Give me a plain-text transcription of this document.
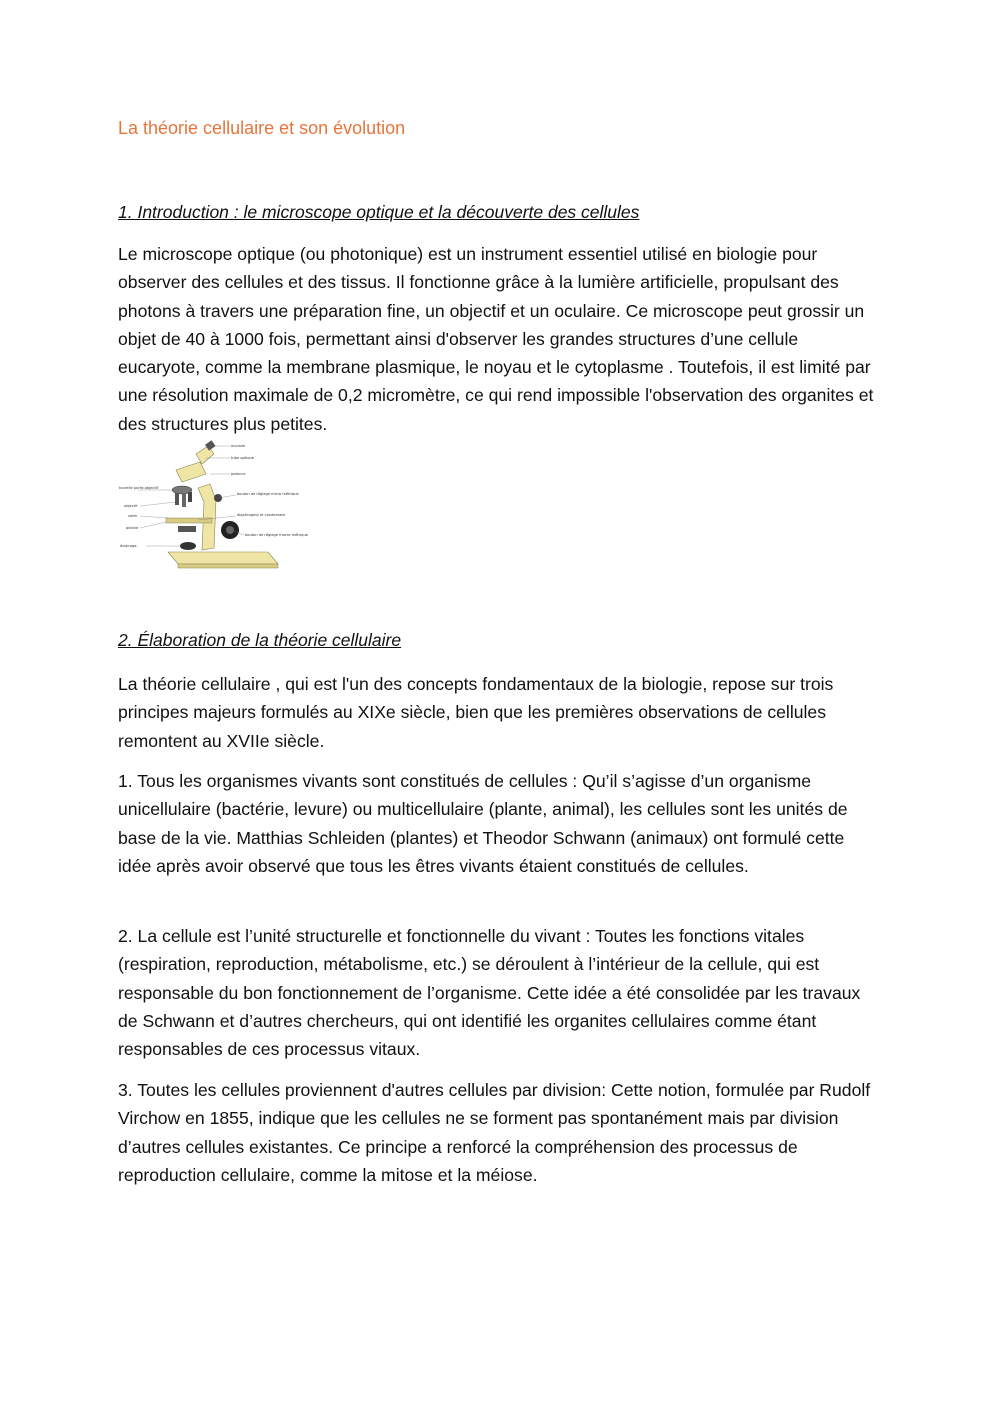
La théorie cellulaire et son évolution
1. Introduction : le microscope optique et la découverte des cellules

Le microscope optique (ou photonique) est un instrument essentiel utilisé en biologie pour observer des cellules et des tissus. Il fonctionne grâce à la lumière artificielle, propulsant des photons à travers une préparation fine, un objectif et un oculaire. Ce microscope peut grossir un objet de 40 à 1000 fois, permettant ainsi d'observer les grandes structures d’une cellule eucaryote, comme la membrane plasmique, le noyau et le cytoplasme . Toutefois, il est limité par une résolution maximale de 0,2 micromètre, ce qui rend impossible l'observation des organites et des structures plus petites.

oculaire
tube optique
potence
bouton de réglage micro métrique
diaphragme et condenseur
bouton de réglage macro métrique
tourelle porte-objectif
objectif
valet
platine
éclairage
2. Élaboration de la théorie cellulaire

La théorie cellulaire , qui est l'un des concepts fondamentaux de la biologie, repose sur trois principes majeurs formulés au XIXe siècle, bien que les premières observations de cellules remontent au XVIIe siècle.

1. Tous les organismes vivants sont constitués de cellules : Qu’il s’agisse d’un organisme unicellulaire (bactérie, levure) ou multicellulaire (plante, animal), les cellules sont les unités de base de la vie. Matthias Schleiden (plantes) et Theodor Schwann (animaux) ont formulé cette idée après avoir observé que tous les êtres vivants étaient constitués de cellules.

2. La cellule est l’unité structurelle et fonctionnelle du vivant : Toutes les fonctions vitales (respiration, reproduction, métabolisme, etc.) se déroulent à l’intérieur de la cellule, qui est responsable du bon fonctionnement de l’organisme. Cette idée a été consolidée par les travaux de Schwann et d’autres chercheurs, qui ont identifié les organites cellulaires comme étant responsables de ces processus vitaux.

3. Toutes les cellules proviennent d'autres cellules par division: Cette notion, formulée par Rudolf Virchow en 1855, indique que les cellules ne se forment pas spontanément mais par division d’autres cellules existantes. Ce principe a renforcé la compréhension des processus de reproduction cellulaire, comme la mitose et la méiose.
